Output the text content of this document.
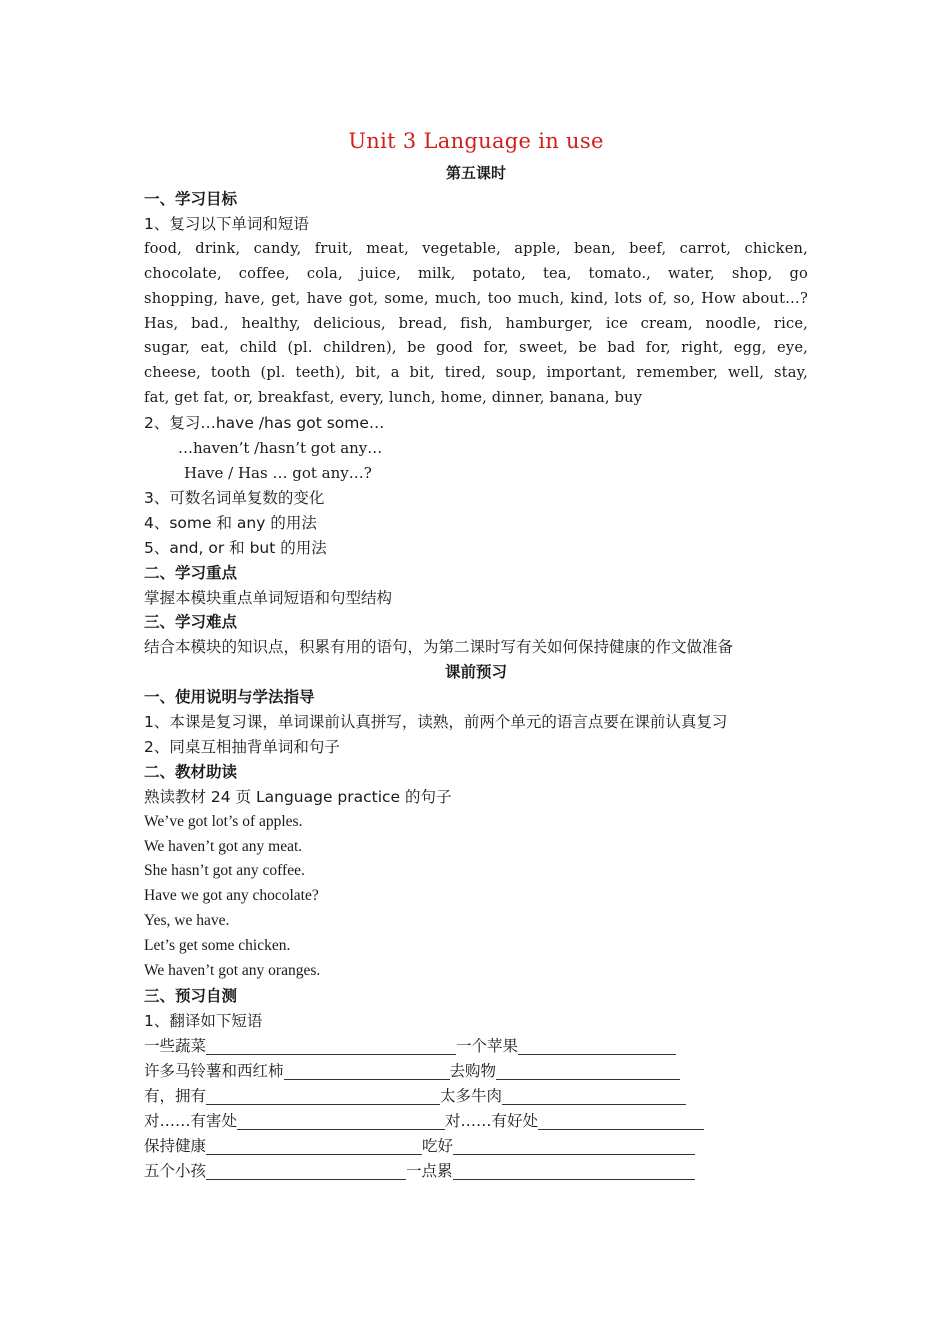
Unit 3 Language in use
第五课时
一、学习目标
1、复习以下单词和短语
food, drink, candy, fruit, meat, vegetable, apple, bean, beef, carrot, chicken,
chocolate, coffee, cola, juice, milk, potato, tea, tomato., water, shop, go
shopping, have, get, have got, some, much, too much, kind, lots of, so, How about…?
Has, bad., healthy, delicious, bread, fish, hamburger, ice cream, noodle, rice,
sugar, eat, child (pl. children), be good for, sweet, be bad for, right, egg, eye,
cheese, tooth (pl. teeth), bit, a bit, tired, soup, important, remember, well, stay,
fat, get fat, or, breakfast, every, lunch, home, dinner, banana, buy
2、复习…have /has got some…
…haven’t /hasn’t got any…
Have / Has … got any…?
3、可数名词单复数的变化
4、some 和 any 的用法
5、and, or 和 but 的用法
二、学习重点
掌握本模块重点单词短语和句型结构
三、学习难点
结合本模块的知识点，积累有用的语句，为第二课时写有关如何保持健康的作文做准备
课前预习
一、使用说明与学法指导
1、本课是复习课，单词课前认真拼写，读熟，前两个单元的语言点要在课前认真复习
2、同桌互相抽背单词和句子
二、教材助读
熟读教材 24 页 Language practice 的句子
We’ve got lot’s of apples.
We haven’t got any meat.
She hasn’t got any coffee.
Have we got any chocolate?
Yes, we have.
Let’s get some chicken.
We haven’t got any oranges.
三、预习自测
1、翻译如下短语
一些蔬菜	一个苹果
许多马铃薯和西红柿	去购物
有，拥有	太多牛肉
对……有害处	对……有好处
保持健康	吃好
五个小孩	一点累
